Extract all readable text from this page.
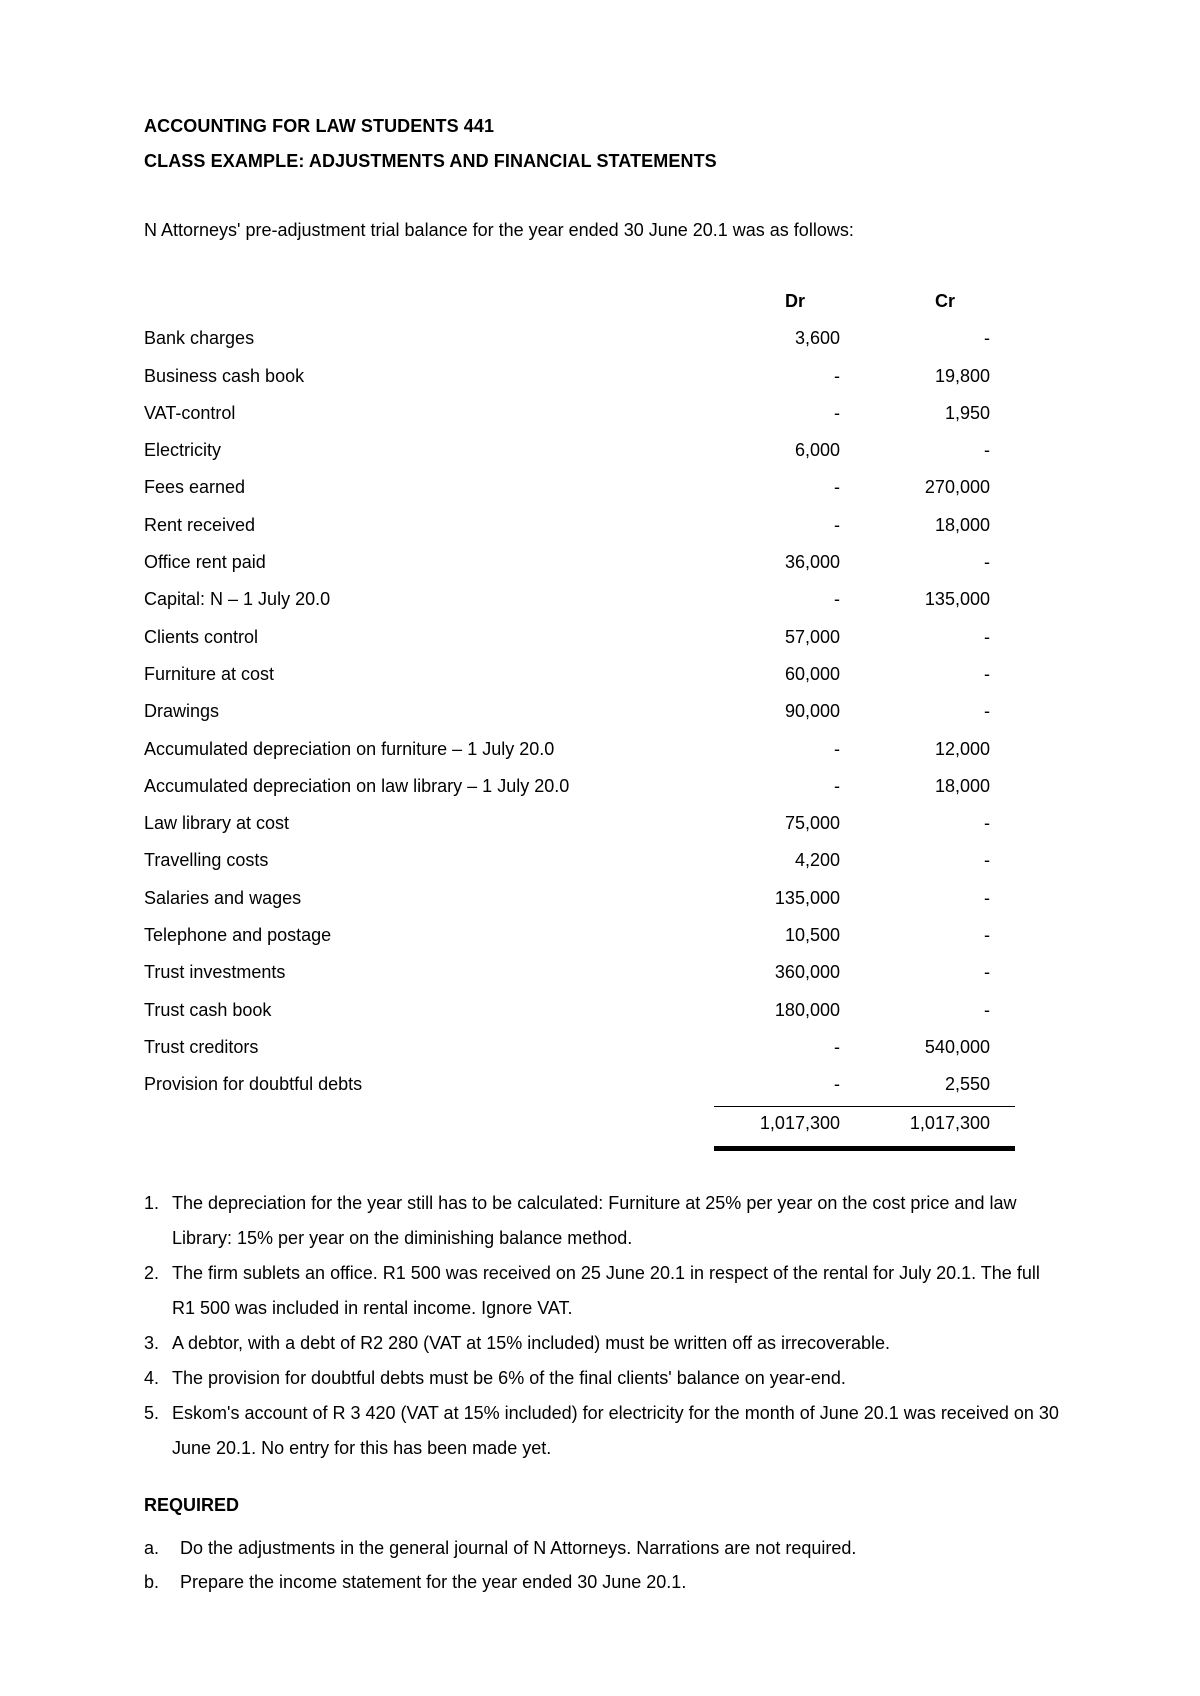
ACCOUNTING FOR LAW STUDENTS 441
CLASS EXAMPLE: ADJUSTMENTS AND FINANCIAL STATEMENTS
N Attorneys' pre-adjustment trial balance for the year ended 30 June 20.1 was as follows:
Dr	Cr
Bank charges	3,600	-
Business cash book	-	19,800
VAT-control	-	1,950
Electricity	6,000	-
Fees earned	-	270,000
Rent received	-	18,000
Office rent paid	36,000	-
Capital: N – 1 July 20.0	-	135,000
Clients control	57,000	-
Furniture at cost	60,000	-
Drawings	90,000	-
Accumulated depreciation on furniture – 1 July 20.0	-	12,000
Accumulated depreciation on law library – 1 July 20.0	-	18,000
Law library at cost	75,000	-
Travelling costs	4,200	-
Salaries and wages	135,000	-
Telephone and postage	10,500	-
Trust investments	360,000	-
Trust cash book	180,000	-
Trust creditors	-	540,000
Provision for doubtful debts	-	2,550
1,017,300	1,017,300
1. The depreciation for the year still has to be calculated: Furniture at 25% per year on the cost price and law Library: 15% per year on the diminishing balance method.
2. The firm sublets an office. R1 500 was received on 25 June 20.1 in respect of the rental for July 20.1. The full R1 500 was included in rental income. Ignore VAT.
3. A debtor, with a debt of R2 280 (VAT at 15% included) must be written off as irrecoverable.
4. The provision for doubtful debts must be 6% of the final clients' balance on year-end.
5. Eskom's account of R 3 420 (VAT at 15% included) for electricity for the month of June 20.1 was received on 30 June 20.1. No entry for this has been made yet.
REQUIRED
a. Do the adjustments in the general journal of N Attorneys. Narrations are not required.
b. Prepare the income statement for the year ended 30 June 20.1.
